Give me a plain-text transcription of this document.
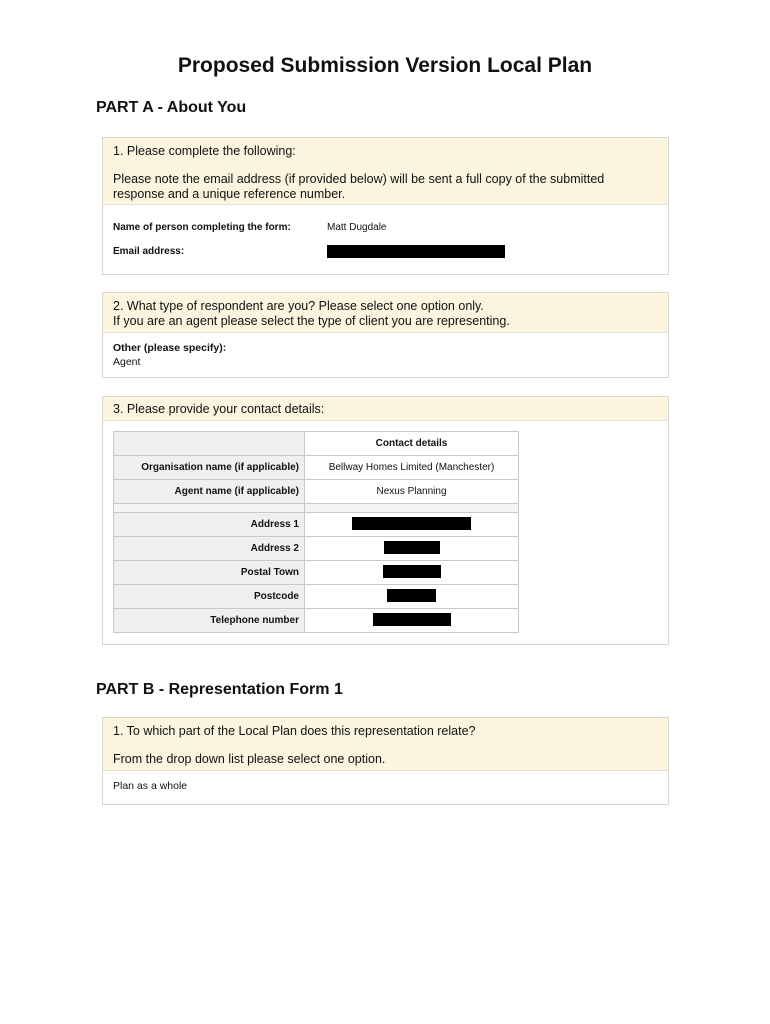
Proposed Submission Version Local Plan
PART A - About You
1. Please complete the following:
Please note the email address (if provided below) will be sent a full copy of the submitted response and a unique reference number.
Name of person completing the form:	Matt Dugdale
Email address:
2. What type of respondent are you? Please select one option only.
If you are an agent please select the type of client you are representing.
Other (please specify):
Agent
3. Please provide your contact details:
	Contact details
Organisation name (if applicable)	Bellway Homes Limited (Manchester)
Agent name (if applicable)	Nexus Planning

Address 1	
Address 2	
Postal Town	
Postcode	
Telephone number	
PART B - Representation Form 1
1. To which part of the Local Plan does this representation relate?
From the drop down list please select one option.
Plan as a whole
